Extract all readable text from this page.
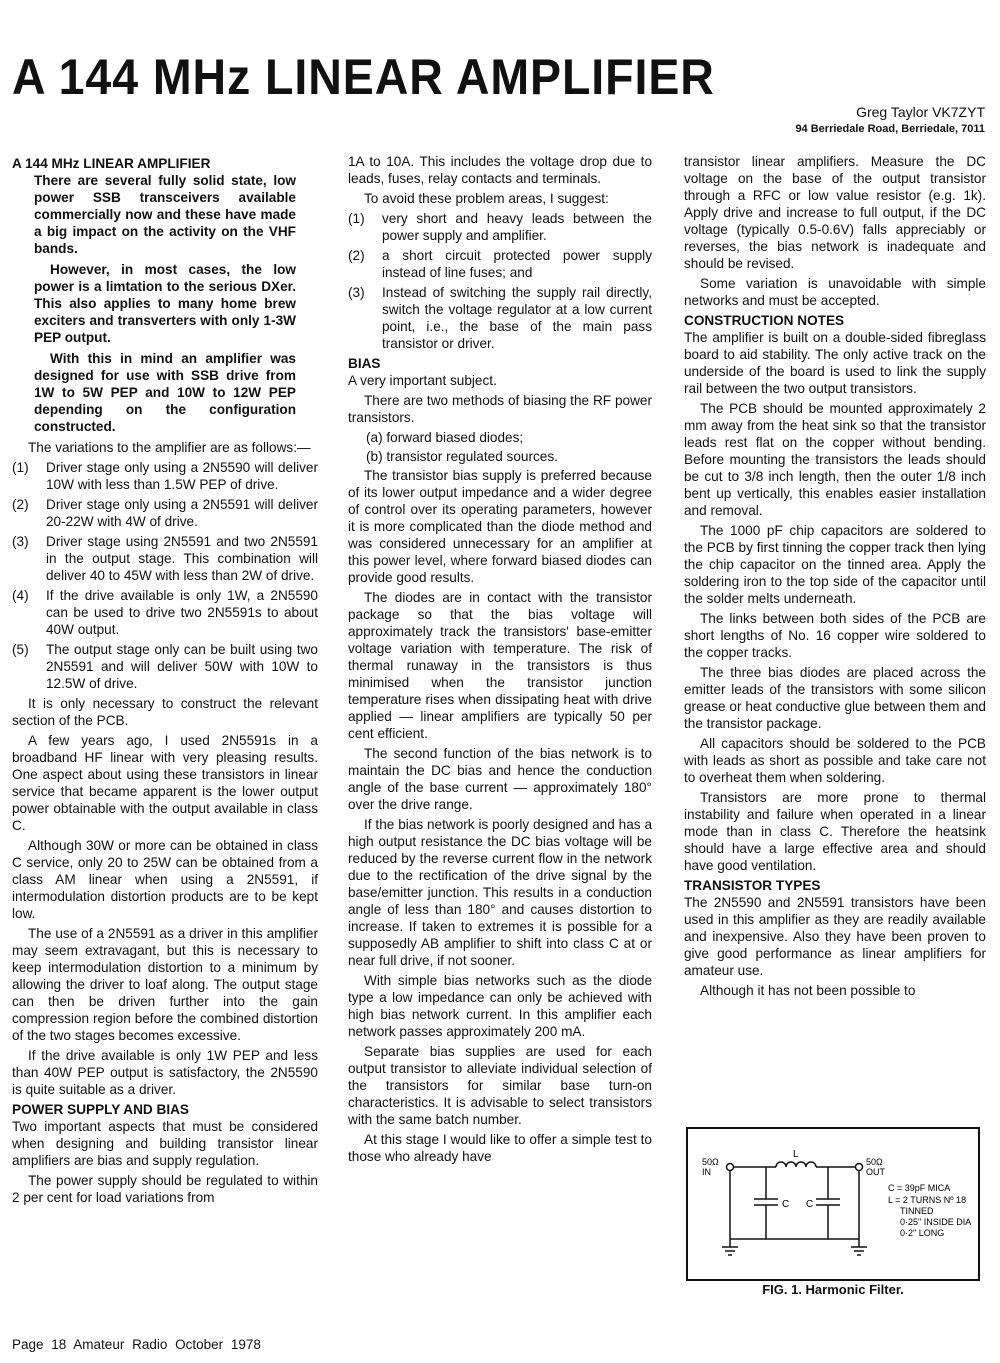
A 144 MHz LINEAR AMPLIFIER
Greg Taylor VK7ZYT
94 Berriedale Road, Berriedale, 7011
A 144 MHz LINEAR AMPLIFIER

There are several fully solid state, low power SSB transceivers available commercially now and these have made a big impact on the activity on the VHF bands.

However, in most cases, the low power is a limtation to the serious DXer. This also applies to many home brew exciters and transverters with only 1-3W PEP output.

With this in mind an amplifier was designed for use with SSB drive from 1W to 5W PEP and 10W to 12W PEP depending on the configuration constructed.

The variations to the amplifier are as follows:—

(1)	Driver stage only using a 2N5590 will deliver 10W with less than 1.5W PEP of drive.
(2)	Driver stage only using a 2N5591 will deliver 20-22W with 4W of drive.
(3)	Driver stage using 2N5591 and two 2N5591 in the output stage. This combination will deliver 40 to 45W with less than 2W of drive.
(4)	If the drive available is only 1W, a 2N5590 can be used to drive two 2N5591s to about 40W output.
(5)	The output stage only can be built using two 2N5591 and will deliver 50W with 10W to 12.5W of drive.

It is only necessary to construct the relevant section of the PCB.

A few years ago, I used 2N5591s in a broadband HF linear with very pleasing results. One aspect about using these transistors in linear service that became apparent is the lower output power obtainable with the output available in class C.

Although 30W or more can be obtained in class C service, only 20 to 25W can be obtained from a class AM linear when using a 2N5591, if intermodulation distortion products are to be kept low.

The use of a 2N5591 as a driver in this amplifier may seem extravagant, but this is necessary to keep intermodulation distortion to a minimum by allowing the driver to loaf along. The output stage can then be driven further into the gain compression region before the combined distortion of the two stages becomes excessive.

If the drive available is only 1W PEP and less than 40W PEP output is satisfactory, the 2N5590 is quite suitable as a driver.

POWER SUPPLY AND BIAS

Two important aspects that must be considered when designing and building transistor linear amplifiers are bias and supply regulation.

The power supply should be regulated to within 2 per cent for load variations from

1A to 10A. This includes the voltage drop due to leads, fuses, relay contacts and terminals.

To avoid these problem areas, I suggest:

(1)	very short and heavy leads between the power supply and amplifier.
(2)	a short circuit protected power supply instead of line fuses; and
(3)	Instead of switching the supply rail directly, switch the voltage regulator at a low current point, i.e., the base of the main pass transistor or driver.
BIAS

A very important subject.

There are two methods of biasing the RF power transistors.

(a) forward biased diodes;
(b) transistor regulated sources.

The transistor bias supply is preferred because of its lower output impedance and a wider degree of control over its operating parameters, however it is more complicated than the diode method and was considered unnecessary for an amplifier at this power level, where forward biased diodes can provide good results.

The diodes are in contact with the transistor package so that the bias voltage will approximately track the transistors' base-emitter voltage variation with temperature. The risk of thermal runaway in the transistors is thus minimised when the transistor junction temperature rises when dissipating heat with drive applied — linear amplifiers are typically 50 per cent efficient.

The second function of the bias network is to maintain the DC bias and hence the conduction angle of the base current — approximately 180° over the drive range.

If the bias network is poorly designed and has a high output resistance the DC bias voltage will be reduced by the reverse current flow in the network due to the rectification of the drive signal by the base/emitter junction. This results in a conduction angle of less than 180° and causes distortion to increase. If taken to extremes it is possible for a supposedly AB amplifier to shift into class C at or near full drive, if not sooner.

With simple bias networks such as the diode type a low impedance can only be achieved with high bias network current. In this amplifier each network passes approximately 200 mA.

Separate bias supplies are used for each output transistor to alleviate individual selection of the transistors for similar base turn-on characteristics. It is advisable to select transistors with the same batch number.

At this stage I would like to offer a simple test to those who already have

transistor linear amplifiers. Measure the DC voltage on the base of the output transistor through a RFC or low value resistor (e.g. 1k). Apply drive and increase to full output, if the DC voltage (typically 0.5-0.6V) falls appreciably or reverses, the bias network is inadequate and should be revised.

Some variation is unavoidable with simple networks and must be accepted.

CONSTRUCTION NOTES

The amplifier is built on a double-sided fibreglass board to aid stability. The only active track on the underside of the board is used to link the supply rail between the two output transistors.

The PCB should be mounted approximately 2 mm away from the heat sink so that the transistor leads rest flat on the copper without bending. Before mounting the transistors the leads should be cut to 3/8 inch length, then the outer 1/8 inch bent up vertically, this enables easier installation and removal.

The 1000 pF chip capacitors are soldered to the PCB by first tinning the copper track then lying the chip capacitor on the tinned area. Apply the soldering iron to the top side of the capacitor until the solder melts underneath.

The links between both sides of the PCB are short lengths of No. 16 copper wire soldered to the copper tracks.

The three bias diodes are placed across the emitter leads of the transistors with some silicon grease or heat conductive glue between them and the transistor package.

All capacitors should be soldered to the PCB with leads as short as possible and take care not to overheat them when soldering.

Transistors are more prone to thermal instability and failure when operated in a linear mode than in class C. Therefore the heatsink should have a large effective area and should have good ventilation.

TRANSISTOR TYPES

The 2N5590 and 2N5591 transistors have been used in this amplifier as they are readily available and inexpensive. Also they have been proven to give good performance as linear amplifiers for amateur use.

Although it has not been possible to

50Ω
IN
50Ω
OUT
L
C C
C = 39pF MICA
L = 2 TURNS Nº 18
TINNED
0·25" INSIDE DIA
0·2" LONG
FIG. 1. Harmonic Filter.
Page 18 Amateur Radio October 1978
